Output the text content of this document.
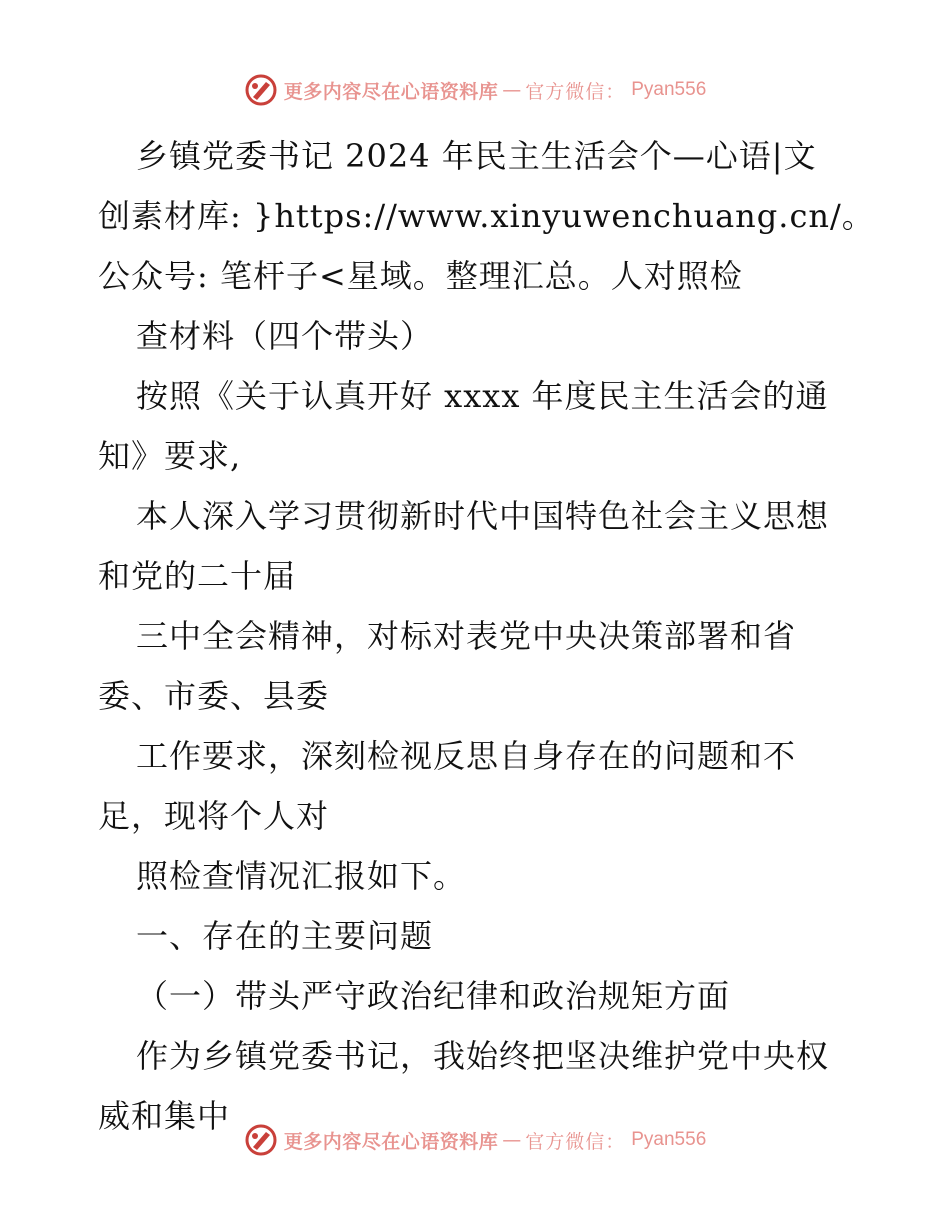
更多内容尽在心语资料库 — 官方微信： Pyan556

乡镇党委书记 2024 年民主生活会个—心语|文

创素材库: }https://www.xinyuwenchuang.cn/。

公众号: 笔杆子<星域。整理汇总。人对照检

查材料（四个带头）

按照《关于认真开好 xxxx 年度民主生活会的通

知》要求,

本人深入学习贯彻新时代中国特色社会主义思想

和党的二十届

三中全会精神，对标对表党中央决策部署和省

委、市委、县委

工作要求，深刻检视反思自身存在的问题和不

足，现将个人对

照检查情况汇报如下。

一、存在的主要问题

（一）带头严守政治纪律和政治规矩方面

作为乡镇党委书记，我始终把坚决维护党中央权

威和集中

更多内容尽在心语资料库 — 官方微信： Pyan556
